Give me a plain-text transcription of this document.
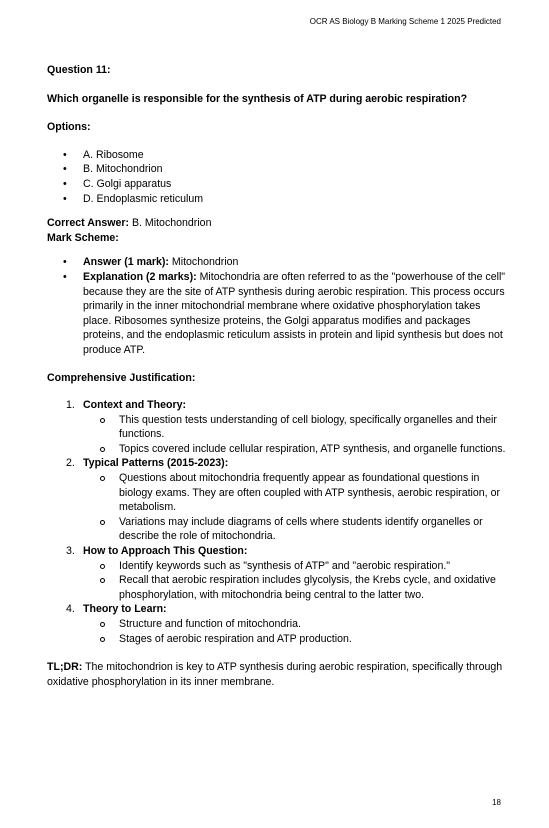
OCR AS Biology B Marking Scheme 1 2025 Predicted

Question 11:

Which organelle is responsible for the synthesis of ATP during aerobic respiration?

Options:

• A. Ribosome
• B. Mitochondrion
• C. Golgi apparatus
• D. Endoplasmic reticulum

Correct Answer: B. Mitochondrion

Mark Scheme:

• Answer (1 mark): Mitochondrion
• Explanation (2 marks): Mitochondria are often referred to as the "powerhouse of the cell" because they are the site of ATP synthesis during aerobic respiration. This process occurs primarily in the inner mitochondrial membrane where oxidative phosphorylation takes place. Ribosomes synthesize proteins, the Golgi apparatus modifies and packages proteins, and the endoplasmic reticulum assists in protein and lipid synthesis but does not produce ATP.

Comprehensive Justification:

1. Context and Theory:
This question tests understanding of cell biology, specifically organelles and their functions.
Topics covered include cellular respiration, ATP synthesis, and organelle functions.
2. Typical Patterns (2015-2023):
Questions about mitochondria frequently appear as foundational questions in biology exams. They are often coupled with ATP synthesis, aerobic respiration, or metabolism.
Variations may include diagrams of cells where students identify organelles or describe the role of mitochondria.
3. How to Approach This Question:
Identify keywords such as "synthesis of ATP" and "aerobic respiration."
Recall that aerobic respiration includes glycolysis, the Krebs cycle, and oxidative phosphorylation, with mitochondria being central to the latter two.
4. Theory to Learn:
Structure and function of mitochondria.
Stages of aerobic respiration and ATP production.

TL;DR: The mitochondrion is key to ATP synthesis during aerobic respiration, specifically through oxidative phosphorylation in its inner membrane.

18
